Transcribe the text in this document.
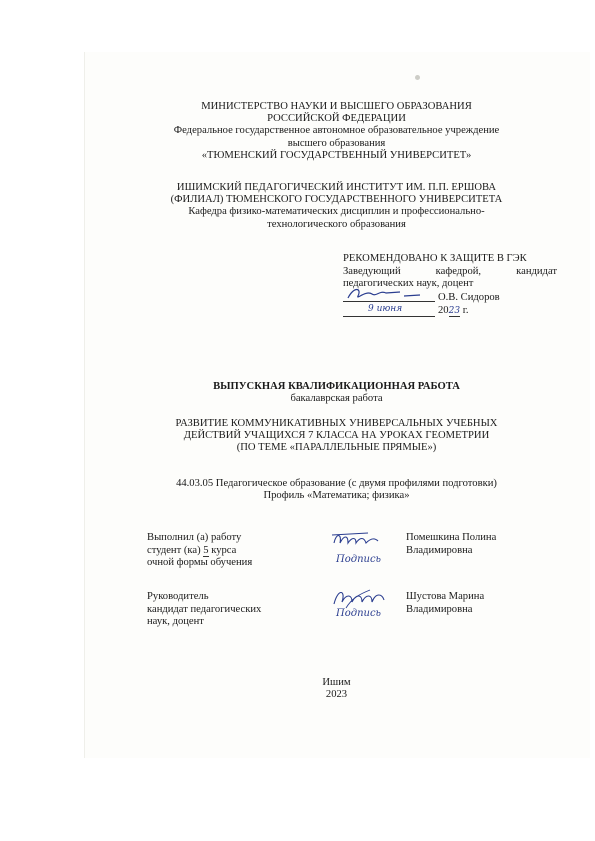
МИНИСТЕРСТВО НАУКИ И ВЫСШЕГО ОБРАЗОВАНИЯ
РОССИЙСКОЙ ФЕДЕРАЦИИ
Федеральное государственное автономное образовательное учреждение
высшего образования
«ТЮМЕНСКИЙ ГОСУДАРСТВЕННЫЙ УНИВЕРСИТЕТ»
ИШИМСКИЙ ПЕДАГОГИЧЕСКИЙ ИНСТИТУТ ИМ. П.П. ЕРШОВА
(ФИЛИАЛ) ТЮМЕНСКОГО ГОСУДАРСТВЕННОГО УНИВЕРСИТЕТА
Кафедра физико-математических дисциплин и профессионально-
технологического образования
РЕКОМЕНДОВАНО К ЗАЩИТЕ В ГЭК
Заведующий кафедрой, кандидат
педагогических наук, доцент
О.В. Сидоров
9 июня	2023 г.
ВЫПУСКНАЯ КВАЛИФИКАЦИОННАЯ РАБОТА
бакалаврская работа
РАЗВИТИЕ КОММУНИКАТИВНЫХ УНИВЕРСАЛЬНЫХ УЧЕБНЫХ
ДЕЙСТВИЙ УЧАЩИХСЯ 7 КЛАССА НА УРОКАХ ГЕОМЕТРИИ
(ПО ТЕМЕ «ПАРАЛЛЕЛЬНЫЕ ПРЯМЫЕ»)
44.03.05 Педагогическое образование (с двумя профилями подготовки)
Профиль «Математика; физика»
Выполнил (а) работу
студент (ка) 5 курса
очной формы обучения	Подпись
Помешкина Полина
Владимировна
Руководитель
кандидат педагогических
наук, доцент
Подпись
Шустова Марина
Владимировна
Ишим
2023
